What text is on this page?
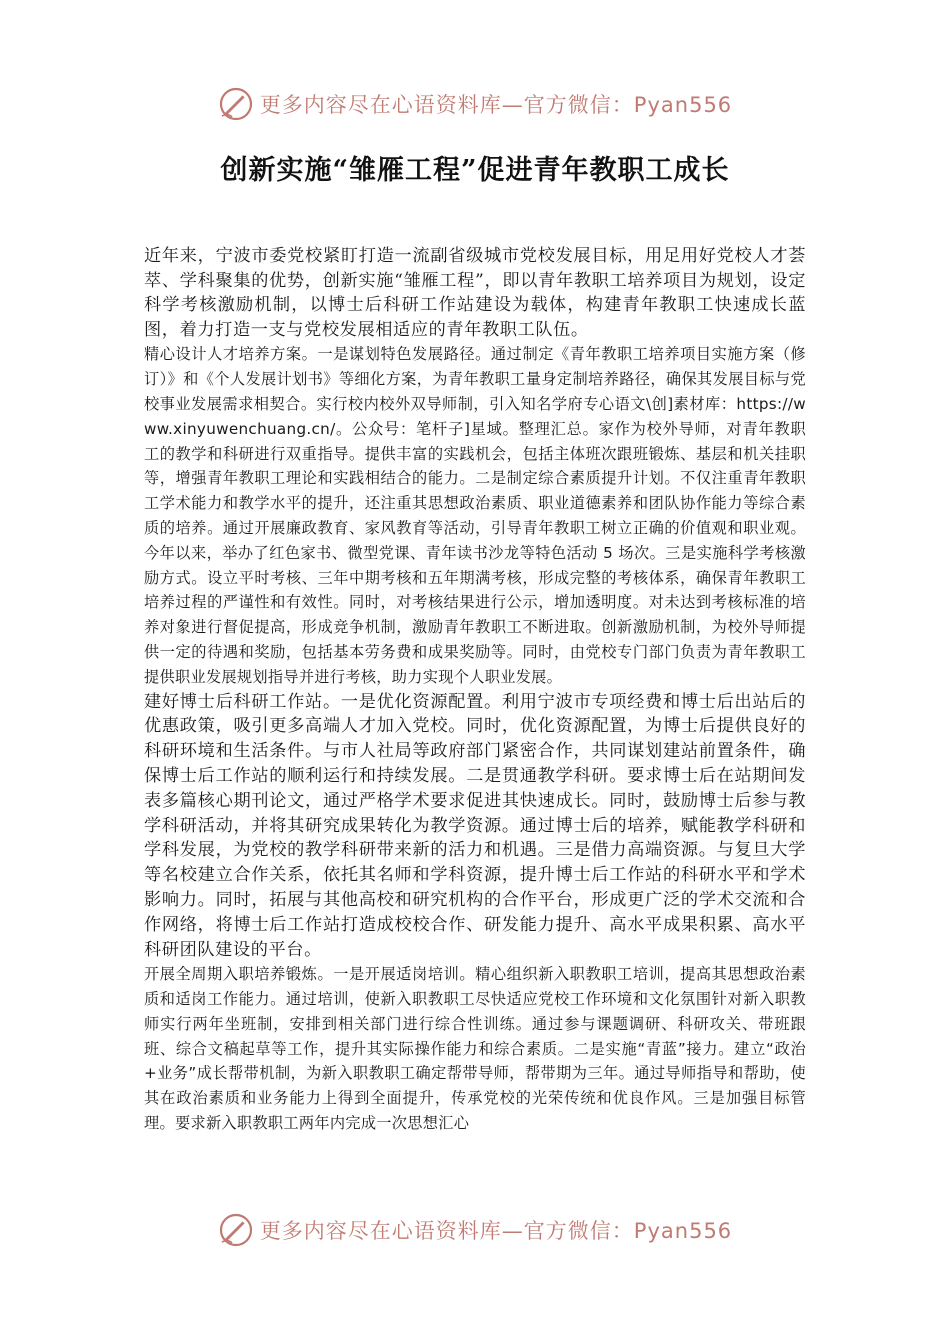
更多内容尽在心语资料库—官方微信：Pyan556
创新实施“雏雁工程”促进青年教职工成长

近年来，宁波市委党校紧盯打造一流副省级城市党校发展目标，用足用好党校人才荟萃、学科聚集的优势，创新实施“雏雁工程”，即以青年教职工培养项目为规划，设定科学考核激励机制，以博士后科研工作站建设为载体，构建青年教职工快速成长蓝图，着力打造一支与党校发展相适应的青年教职工队伍。

精心设计人才培养方案。一是谋划特色发展路径。通过制定《青年教职工培养项目实施方案（修订）》和《个人发展计划书》等细化方案，为青年教职工量身定制培养路径，确保其发展目标与党校事业发展需求相契合。实行校内校外双导师制，引入知名学府专心语文\创]素材库：https://www.xinyuwenchuang.cn/。公众号：笔杆子]星域。整理汇总。家作为校外导师，对青年教职工的教学和科研进行双重指导。提供丰富的实践机会，包括主体班次跟班锻炼、基层和机关挂职等，增强青年教职工理论和实践相结合的能力。二是制定综合素质提升计划。不仅注重青年教职工学术能力和教学水平的提升，还注重其思想政治素质、职业道德素养和团队协作能力等综合素质的培养。通过开展廉政教育、家风教育等活动，引导青年教职工树立正确的价值观和职业观。今年以来，举办了红色家书、微型党课、青年读书沙龙等特色活动 5 场次。三是实施科学考核激励方式。设立平时考核、三年中期考核和五年期满考核，形成完整的考核体系，确保青年教职工培养过程的严谨性和有效性。同时，对考核结果进行公示，增加透明度。对未达到考核标准的培养对象进行督促提高，形成竞争机制，激励青年教职工不断进取。创新激励机制，为校外导师提供一定的待遇和奖励，包括基本劳务费和成果奖励等。同时，由党校专门部门负责为青年教职工提供职业发展规划指导并进行考核，助力实现个人职业发展。

建好博士后科研工作站。一是优化资源配置。利用宁波市专项经费和博士后出站后的优惠政策，吸引更多高端人才加入党校。同时，优化资源配置，为博士后提供良好的科研环境和生活条件。与市人社局等政府部门紧密合作，共同谋划建站前置条件，确保博士后工作站的顺利运行和持续发展。二是贯通教学科研。要求博士后在站期间发表多篇核心期刊论文，通过严格学术要求促进其快速成长。同时，鼓励博士后参与教学科研活动，并将其研究成果转化为教学资源。通过博士后的培养，赋能教学科研和学科发展，为党校的教学科研带来新的活力和机遇。三是借力高端资源。与复旦大学等名校建立合作关系，依托其名师和学科资源，提升博士后工作站的科研水平和学术影响力。同时，拓展与其他高校和研究机构的合作平台，形成更广泛的学术交流和合作网络，将博士后工作站打造成校校合作、研发能力提升、高水平成果积累、高水平科研团队建设的平台。

开展全周期入职培养锻炼。一是开展适岗培训。精心组织新入职教职工培训，提高其思想政治素质和适岗工作能力。通过培训，使新入职教职工尽快适应党校工作环境和文化氛围针对新入职教师实行两年坐班制，安排到相关部门进行综合性训练。通过参与课题调研、科研攻关、带班跟班、综合文稿起草等工作，提升其实际操作能力和综合素质。二是实施“青蓝”接力。建立“政治+业务”成长帮带机制，为新入职教职工确定帮带导师，帮带期为三年。通过导师指导和帮助，使其在政治素质和业务能力上得到全面提升，传承党校的光荣传统和优良作风。三是加强目标管理。要求新入职教职工两年内完成一次思想汇心

更多内容尽在心语资料库—官方微信：Pyan556
